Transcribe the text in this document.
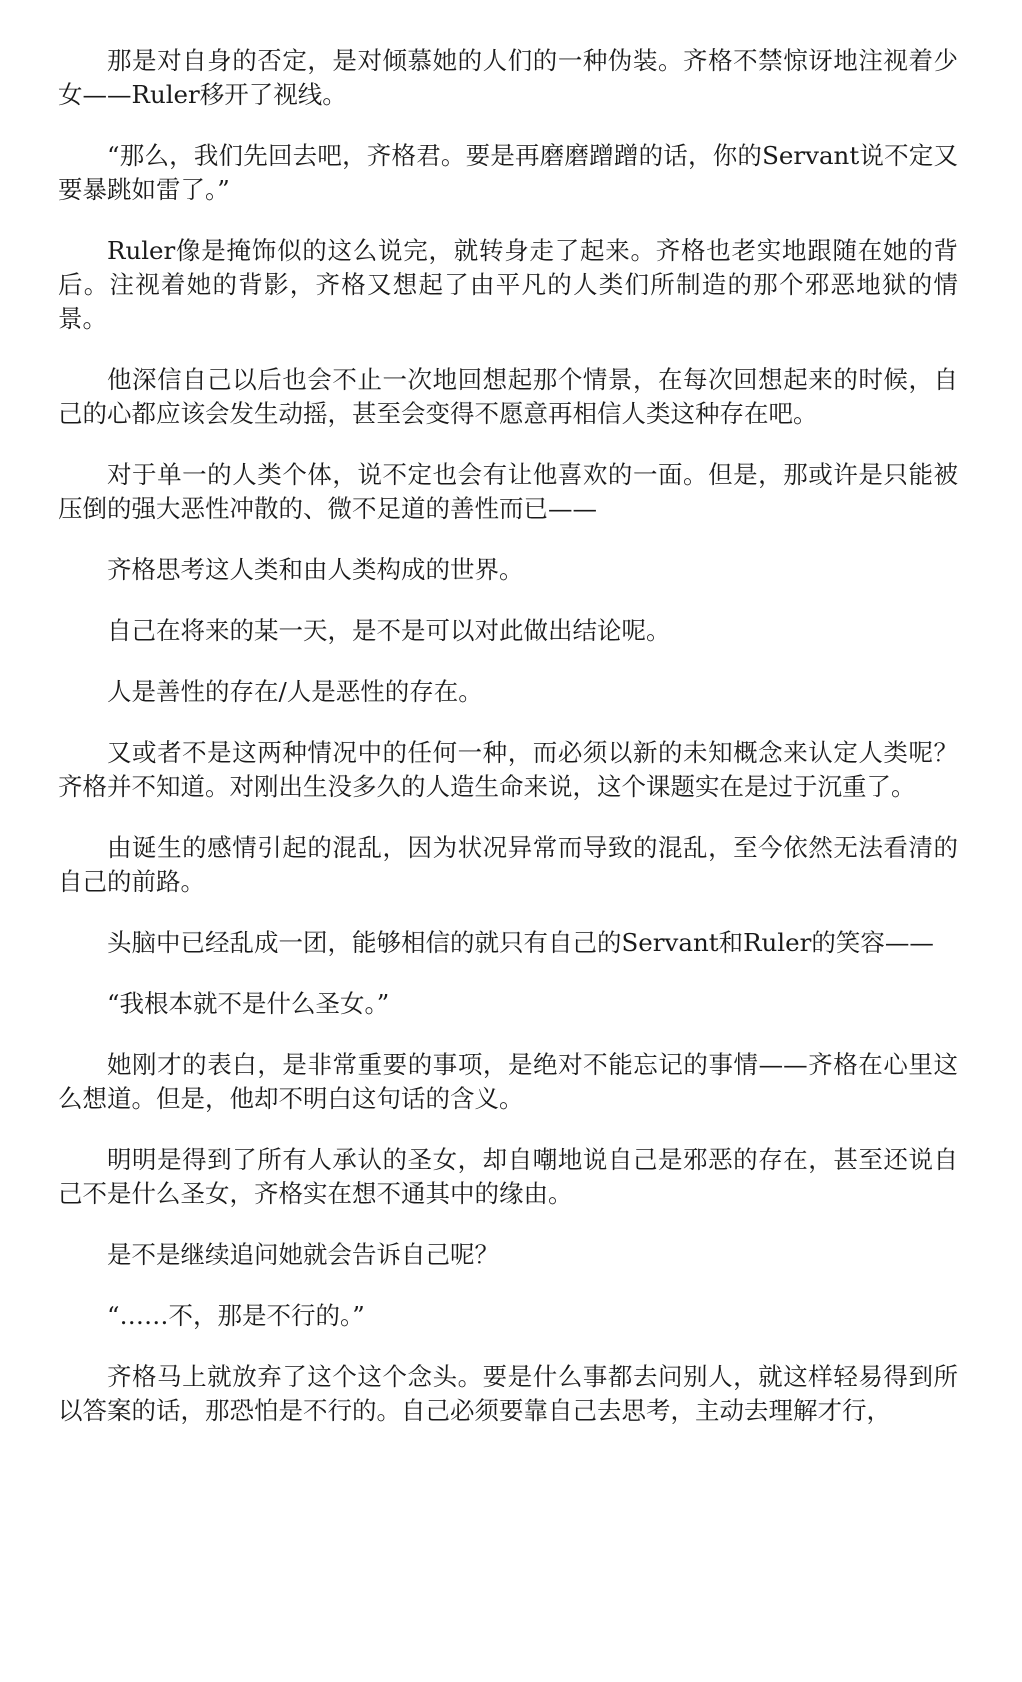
那是对自身的否定，是对倾慕她的人们的一种伪装。齐格不禁惊讶地注视着少女——Ruler移开了视线。

“那么，我们先回去吧，齐格君。要是再磨磨蹭蹭的话，你的Servant说不定又要暴跳如雷了。”

Ruler像是掩饰似的这么说完，就转身走了起来。齐格也老实地跟随在她的背后。注视着她的背影，齐格又想起了由平凡的人类们所制造的那个邪恶地狱的情景。

他深信自己以后也会不止一次地回想起那个情景，在每次回想起来的时候，自己的心都应该会发生动摇，甚至会变得不愿意再相信人类这种存在吧。

对于单一的人类个体，说不定也会有让他喜欢的一面。但是，那或许是只能被压倒的强大恶性冲散的、微不足道的善性而已——

齐格思考这人类和由人类构成的世界。

自己在将来的某一天，是不是可以对此做出结论呢。

人是善性的存在/人是恶性的存在。

又或者不是这两种情况中的任何一种，而必须以新的未知概念来认定人类呢？齐格并不知道。对刚出生没多久的人造生命来说，这个课题实在是过于沉重了。

由诞生的感情引起的混乱，因为状况异常而导致的混乱，至今依然无法看清的自己的前路。

头脑中已经乱成一团，能够相信的就只有自己的Servant和Ruler的笑容——

“我根本就不是什么圣女。”

她刚才的表白，是非常重要的事项，是绝对不能忘记的事情——齐格在心里这么想道。但是，他却不明白这句话的含义。

明明是得到了所有人承认的圣女，却自嘲地说自己是邪恶的存在，甚至还说自己不是什么圣女，齐格实在想不通其中的缘由。

是不是继续追问她就会告诉自己呢？

“……不，那是不行的。”

齐格马上就放弃了这个这个念头。要是什么事都去问别人，就这样轻易得到所以答案的话，那恐怕是不行的。自己必须要靠自己去思考，主动去理解才行，
